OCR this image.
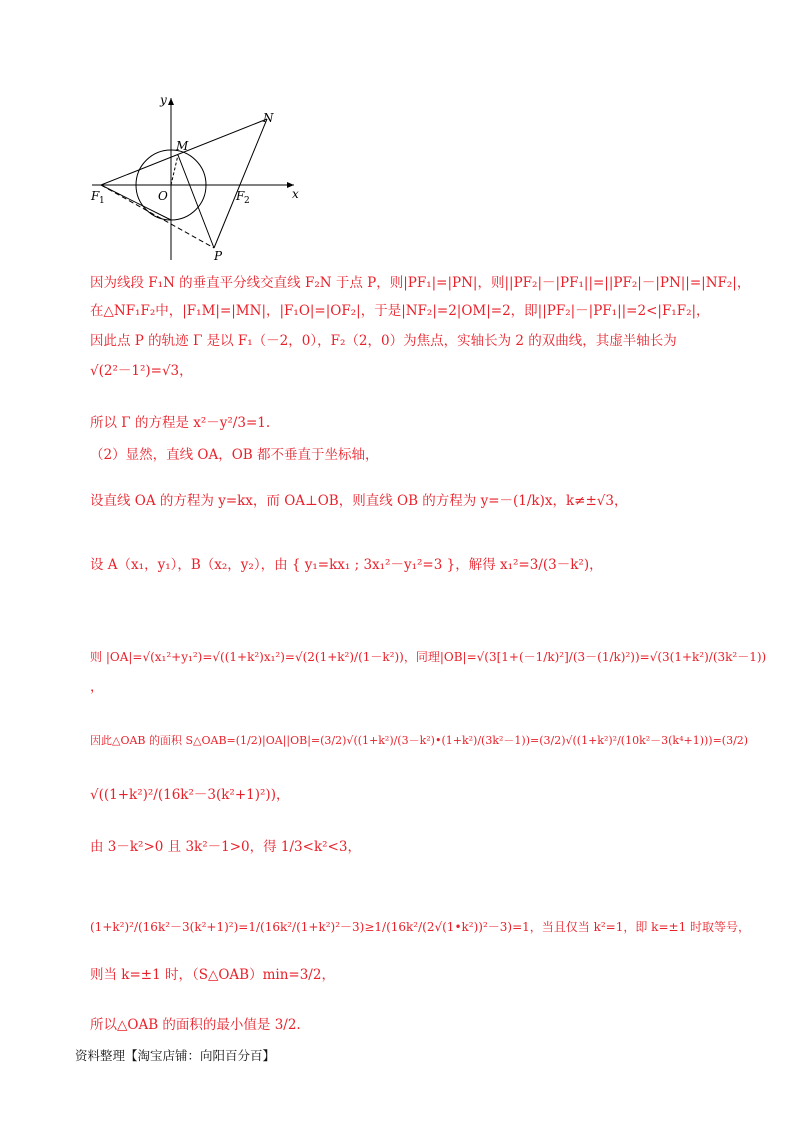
y
M
N
F 1	O	F 2	x
P
因为线段 F₁N 的垂直平分线交直线 F₂N 于点 P，则|PF₁|=|PN|，则||PF₂|－|PF₁||=||PF₂|－|PN||=|NF₂|，
在△NF₁F₂中，|F₁M|=|MN|，|F₁O|=|OF₂|，于是|NF₂|=2|OM|=2，即||PF₂|－|PF₁||=2<|F₁F₂|，
因此点 P 的轨迹 Γ 是以 F₁（－2，0），F₂（2，0）为焦点，实轴长为 2 的双曲线，其虚半轴长为
√(2²－1²)=√3，
所以 Γ 的方程是 x²－y²/3=1.
（2）显然，直线 OA，OB 都不垂直于坐标轴，
设直线 OA 的方程为 y=kx，而 OA⊥OB，则直线 OB 的方程为 y=－(1/k)x，k≠±√3，
设 A（x₁，y₁），B（x₂，y₂），由 { y₁=kx₁ ; 3x₁²－y₁²=3 }，解得 x₁²=3/(3－k²)，
则 |OA|=√(x₁²+y₁²)=√((1+k²)x₁²)=√(2(1+k²)/(1－k²))，同理|OB|=√(3[1+(－1/k)²]/(3－(1/k)²))=√(3(1+k²)/(3k²－1))
，
因此△OAB 的面积 S△OAB=(1/2)|OA||OB|=(3/2)√((1+k²)/(3－k²)•(1+k²)/(3k²－1))=(3/2)√((1+k²)²/(10k²－3(k⁴+1)))=(3/2)
√((1+k²)²/(16k²－3(k²+1)²))，
由 3－k²>0 且 3k²－1>0，得 1/3<k²<3，
(1+k²)²/(16k²－3(k²+1)²)=1/(16k²/(1+k²)²－3)≥1/(16k²/(2√(1•k²))²－3)=1，当且仅当 k²=1，即 k=±1 时取等号，
则当 k=±1 时，（S△OAB）min=3/2，
所以△OAB 的面积的最小值是 3/2.
资料整理【淘宝店铺：向阳百分百】
